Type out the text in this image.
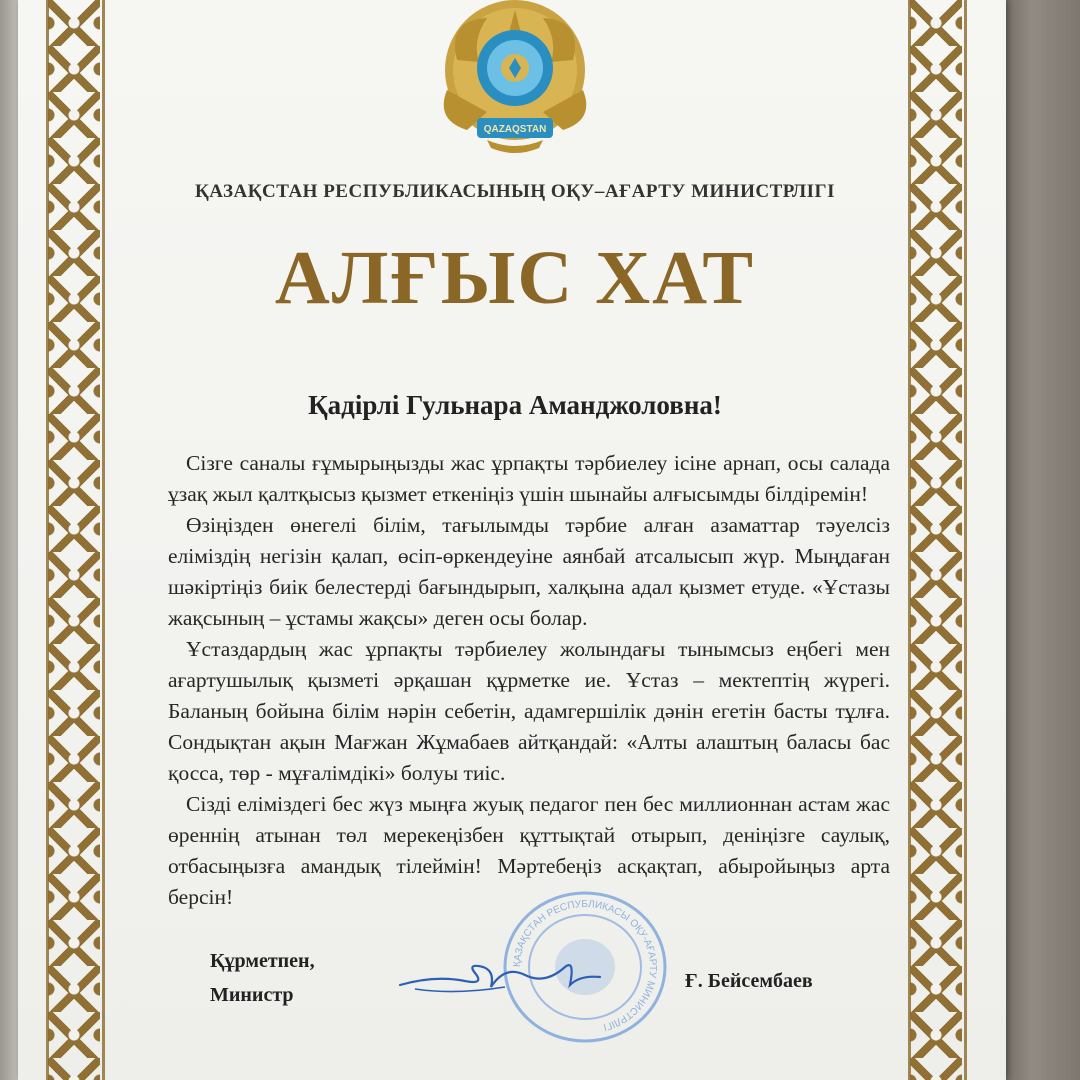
QAZAQSTAN
ҚАЗАҚСТАН РЕСПУБЛИКАСЫНЫҢ ОҚУ–АҒАРТУ МИНИСТРЛІГІ
АЛҒЫС ХАТ
Қадірлі Гульнара Аманджоловна!

Сізге саналы ғұмырыңызды жас ұрпақты тәрбиелеу ісіне арнап, осы салада ұзақ жыл қалтқысыз қызмет еткеніңіз үшін шынайы алғысымды білдіремін!

Өзіңізден өнегелі білім, тағылымды тәрбие алған азаматтар тәуелсіз еліміздің негізін қалап, өсіп-өркендеуіне аянбай атсалысып жүр. Мыңдаған шәкіртіңіз биік белестерді бағындырып, халқына адал қызмет етуде. «Ұстазы жақсының – ұстамы жақсы» деген осы болар.

Ұстаздардың жас ұрпақты тәрбиелеу жолындағы тынымсыз еңбегі мен ағартушылық қызметі әрқашан құрметке ие. Ұстаз – мектептің жүрегі. Баланың бойына білім нәрін себетін, адамгершілік дәнін егетін басты тұлға. Сондықтан ақын Мағжан Жұмабаев айтқандай: «Алты алаштың баласы бас қосса, төр - мұғалімдікі» болуы тиіс.

Сізді еліміздегі бес жүз мыңға жуық педагог пен бес миллионнан астам жас өреннің атынан төл мерекеңізбен құттықтай отырып, деніңізге саулық, отбасыңызға амандық тілеймін! Мәртебеңіз асқақтап, абыройыңыз арта берсін!

Құрметпен,
Министр
ҚАЗАҚСТАН РЕСПУБЛИКАСЫ ОҚУ-АҒАРТУ МИНИСТРЛІГІ
Ғ. Бейсембаев
